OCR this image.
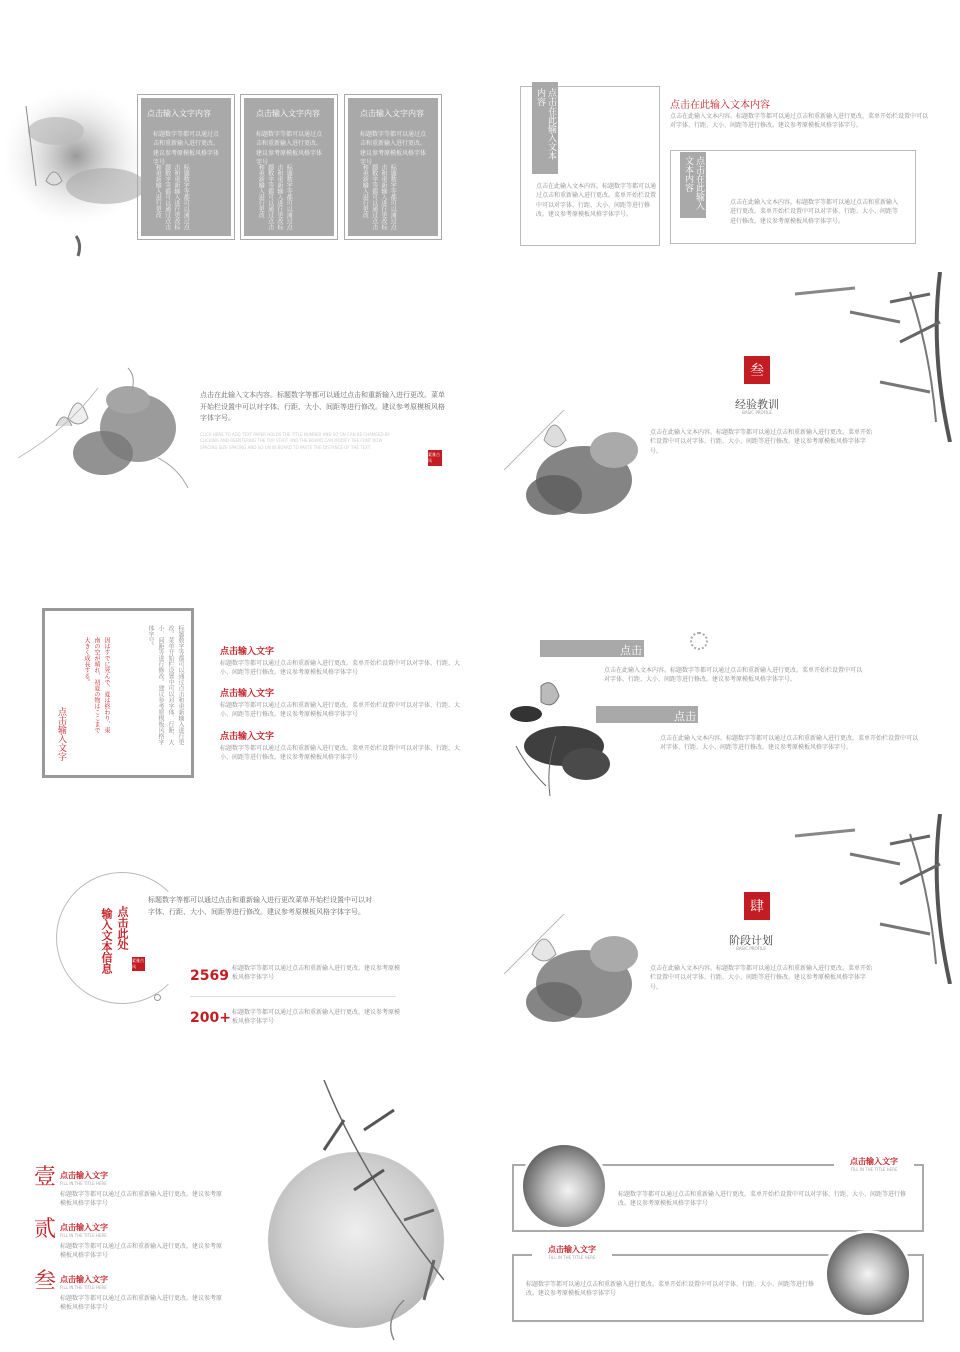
点击输入文字内容
标题数字等都可以通过点击和重新输入进行更改。建议参考原模板风格字体字号
标题数字等都可以通过点击和重新输入进行更改标题数字等都可以通过点击和重新输入进行更改
点击输入文字内容
标题数字等都可以通过点击和重新输入进行更改。建议参考原模板风格字体字号
标题数字等都可以通过点击和重新输入进行更改标题数字等都可以通过点击和重新输入进行更改
点击输入文字内容
标题数字等都可以通过点击和重新输入进行更改。建议参考原模板风格字体字号
标题数字等都可以通过点击和重新输入进行更改标题数字等都可以通过点击和重新输入进行更改
点击在此输入文本内容
点击在此输入文本内容。标题数字等都可以通过点击和重新输入进行更改。菜单开始栏设置中可以对字体、行距、大小、间距等进行修改。建议参考原模板风格字体字号。
点击在此输入文本内容
点击在此输入文本内容。标题数字等都可以通过点击和重新输入进行更改。菜单开始栏设置中可以对字体、行距、大小、间距等进行修改。建议参考原模板风格字体字号。
点击在此输入文本内容
点击在此输入文本内容。标题数字等都可以通过点击和重新输入进行更改。菜单开始栏设置中可以对字体、行距、大小、间距等进行修改。建议参考原模板风格字体字号。
点击在此输入文本内容。标题数字等都可以通过点击和重新输入进行更改。菜单开始栏设置中可以对字体、行距、大小、间距等进行修改。建议参考原模板风格字体字号。
CLICK HERE TO ADD TEXT PAPER HOLDS THE TITLE NUMBER AND SO ON CAN BE CHANGED BY CLICKING AND REENTERING THE TOP START AND THE BOARD CAN MODIFY THE FONT ROW SPACING SIZE SPACING AND SO ON IN BOARD TO PASTE THE DISTANCE OF THE TEXT
素雅古风
叁
经验教训
BASIC PROFILE
点击在此输入文本内容。标题数字等都可以通过点击和重新输入进行更改。菜单开始栏设置中可以对字体、行距、大小、间距等进行修改。建议参考原模板风格字体字号。
点击输入文字
因はすでに死んで、夏は終わり、東南の空が晴れ、初夏の物はここまで大きく成長する。	标题数字等都可以通过点击和重新输入进行更改。菜单开始栏设置中可以对字体、行距、大小、间距等进行修改。建议参考原模板风格字体字号。
点击输入文字
标题数字等都可以通过点击和重新输入进行更改。菜单开始栏设置中可以对字体、行距、大小、间距等进行修改。建议参考原模板风格字体字号
点击输入文字
标题数字等都可以通过点击和重新输入进行更改。菜单开始栏设置中可以对字体、行距、大小、间距等进行修改。建议参考原模板风格字体字号
点击输入文字
标题数字等都可以通过点击和重新输入进行更改。菜单开始栏设置中可以对字体、行距、大小、间距等进行修改。建议参考原模板风格字体字号
点击
点击在此输入文本内容。标题数字等都可以通过点击和重新输入进行更改。菜单开始栏设置中可以对字体、行距、大小、间距等进行修改。建议参考原模板风格字体字号。
点击
点击在此输入文本内容。标题数字等都可以通过点击和重新输入进行更改。菜单开始栏设置中可以对字体、行距、大小、间距等进行修改。建议参考原模板风格字体字号。
点击此处
输入文本信息	素雅古风
标题数字等都可以通过点击和重新输入进行更改菜单开始栏设置中可以对字体、行距、大小、间距等进行修改。建议参考原模板风格字体字号。
2569 标题数字等都可以通过点击和重新输入进行更改。建议参考原模板风格字体字号
200+ 标题数字等都可以通过点击和重新输入进行更改。建议参考原模板风格字体字号
肆
阶段计划
BASIC PROFILE
点击在此输入文本内容。标题数字等都可以通过点击和重新输入进行更改。菜单开始栏设置中可以对字体、行距、大小、间距等进行修改。建议参考原模板风格字体字号。
壹 点击输入文字
FILL IN THE TITLE HERE
标题数字等都可以通过点击和重新输入进行更改。建议参考原模板风格字体字号
贰 点击输入文字
FILL IN THE TITLE HERE
标题数字等都可以通过点击和重新输入进行更改。建议参考原模板风格字体字号
叁 点击输入文字
FILL IN THE TITLE HERE
标题数字等都可以通过点击和重新输入进行更改。建议参考原模板风格字体字号
点击输入文字
FILL IN THE TITLE HERE
标题数字等都可以通过点击和重新输入进行更改。菜单开始栏设置中可以对字体、行距、大小、间距等进行修改。建议参考原模板风格字体字号
点击输入文字
FILL IN THE TITLE HERE
标题数字等都可以通过点击和重新输入进行更改。菜单开始栏设置中可以对字体、行距、大小、间距等进行修改。建议参考原模板风格字体字号
